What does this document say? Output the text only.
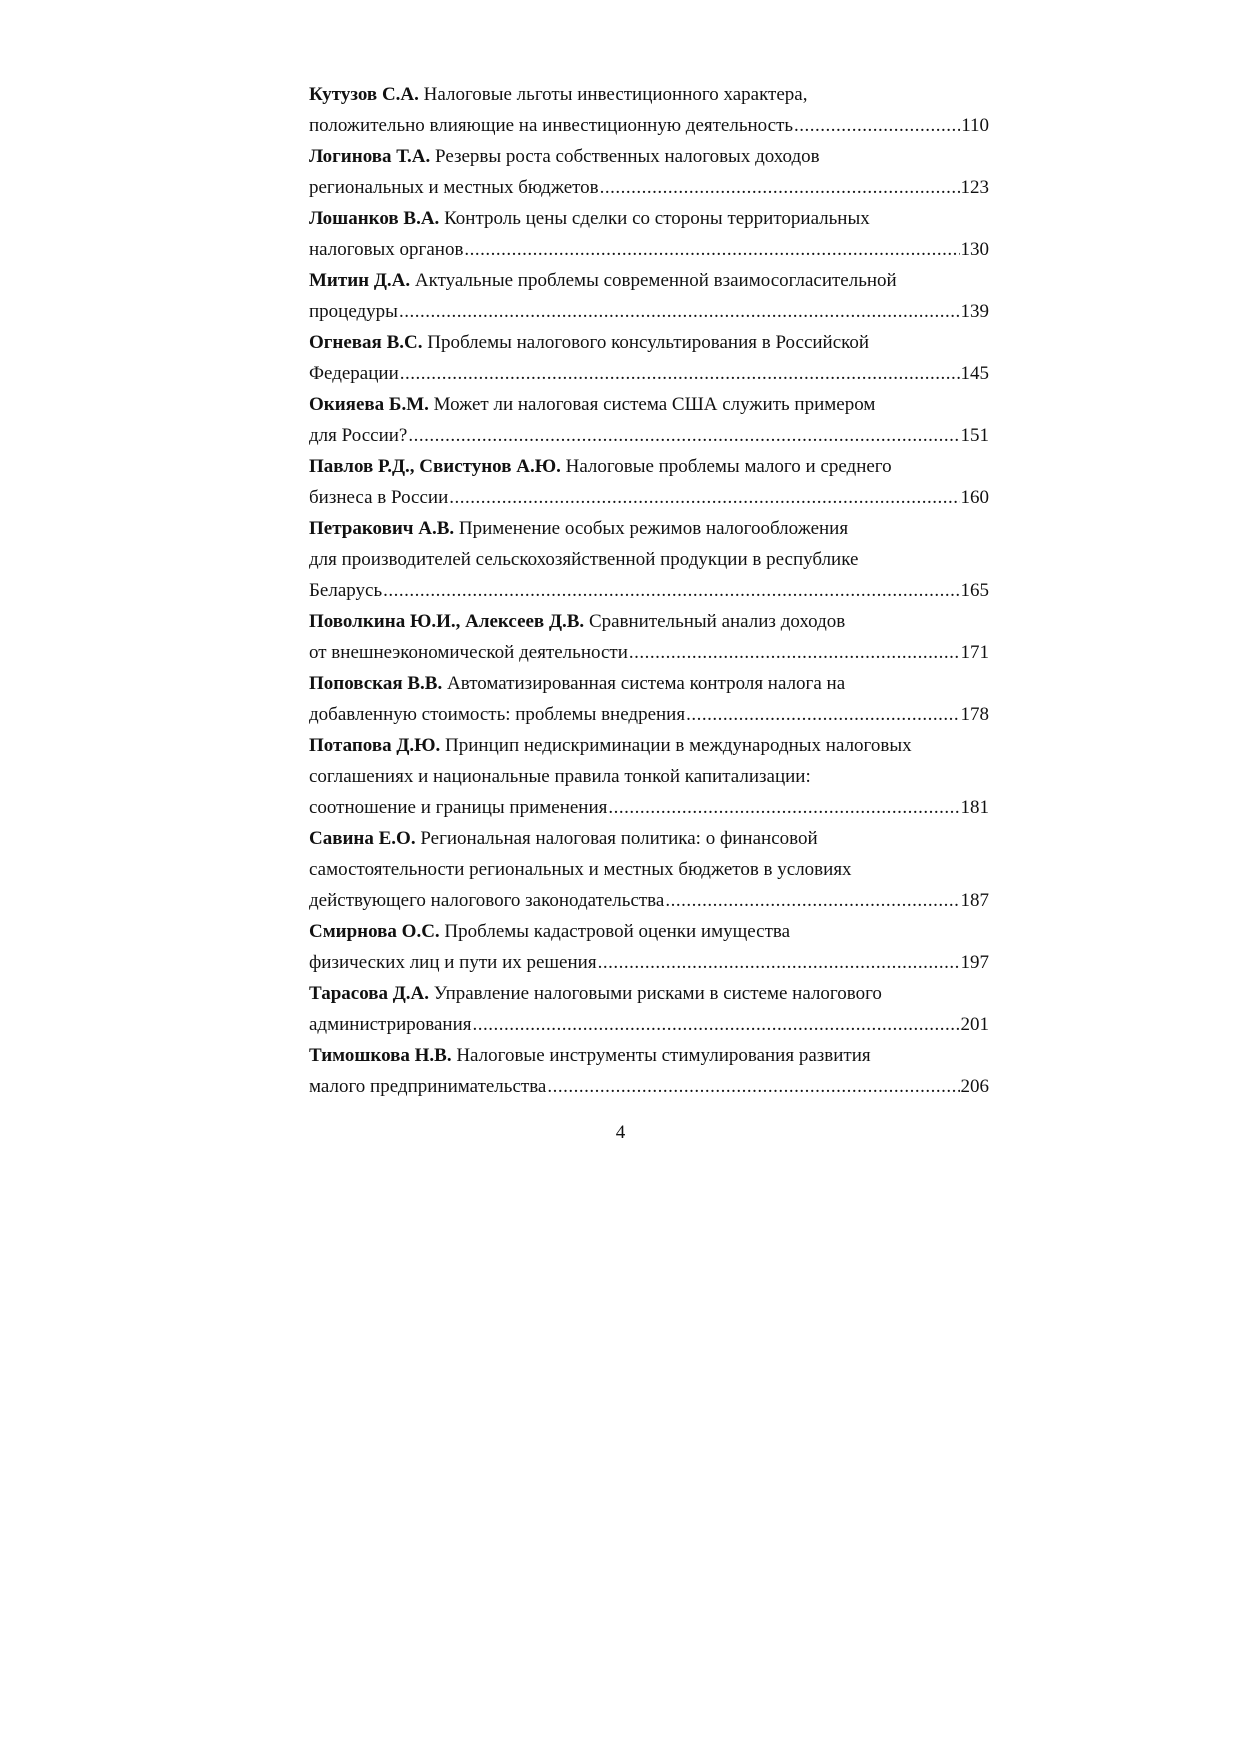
Кутузов С.А. Налоговые льготы инвестиционного характера,
положительно влияющие на инвестиционную деятельность .....	110
Логинова Т.А. Резервы роста собственных налоговых доходов
региональных и местных бюджетов .....	123
Лошанков В.А. Контроль цены сделки со стороны территориальных
налоговых органов .....	130
Митин Д.А. Актуальные проблемы современной взаимосогласительной
процедуры .....	139
Огневая В.С. Проблемы налогового консультирования в Российской
Федерации .....	145
Окияева Б.М. Может ли налоговая система США служить примером
для России? .....	151
Павлов Р.Д., Свистунов А.Ю. Налоговые проблемы малого и среднего
бизнеса в России .....	160
Петракович А.В. Применение особых режимов налогообложения
для производителей сельскохозяйственной продукции в республике
Беларусь .....	165
Поволкина Ю.И., Алексеев Д.В. Сравнительный анализ доходов
от внешнеэкономической деятельности .....	171
Поповская В.В. Автоматизированная система контроля налога на
добавленную стоимость: проблемы внедрения .....	178
Потапова Д.Ю. Принцип недискриминации в международных налоговых
соглашениях и национальные правила тонкой капитализации:
соотношение и границы применения .....	181
Савина Е.О. Региональная налоговая политика: о финансовой
самостоятельности региональных и местных бюджетов в условиях
действующего налогового законодательства .....	187
Смирнова О.С. Проблемы кадастровой оценки имущества
физических лиц и пути их решения .....	197
Тарасова Д.А. Управление налоговыми рисками в системе налогового
администрирования .....	201
Тимошкова Н.В. Налоговые инструменты стимулирования развития
малого предпринимательства .....	206
4
